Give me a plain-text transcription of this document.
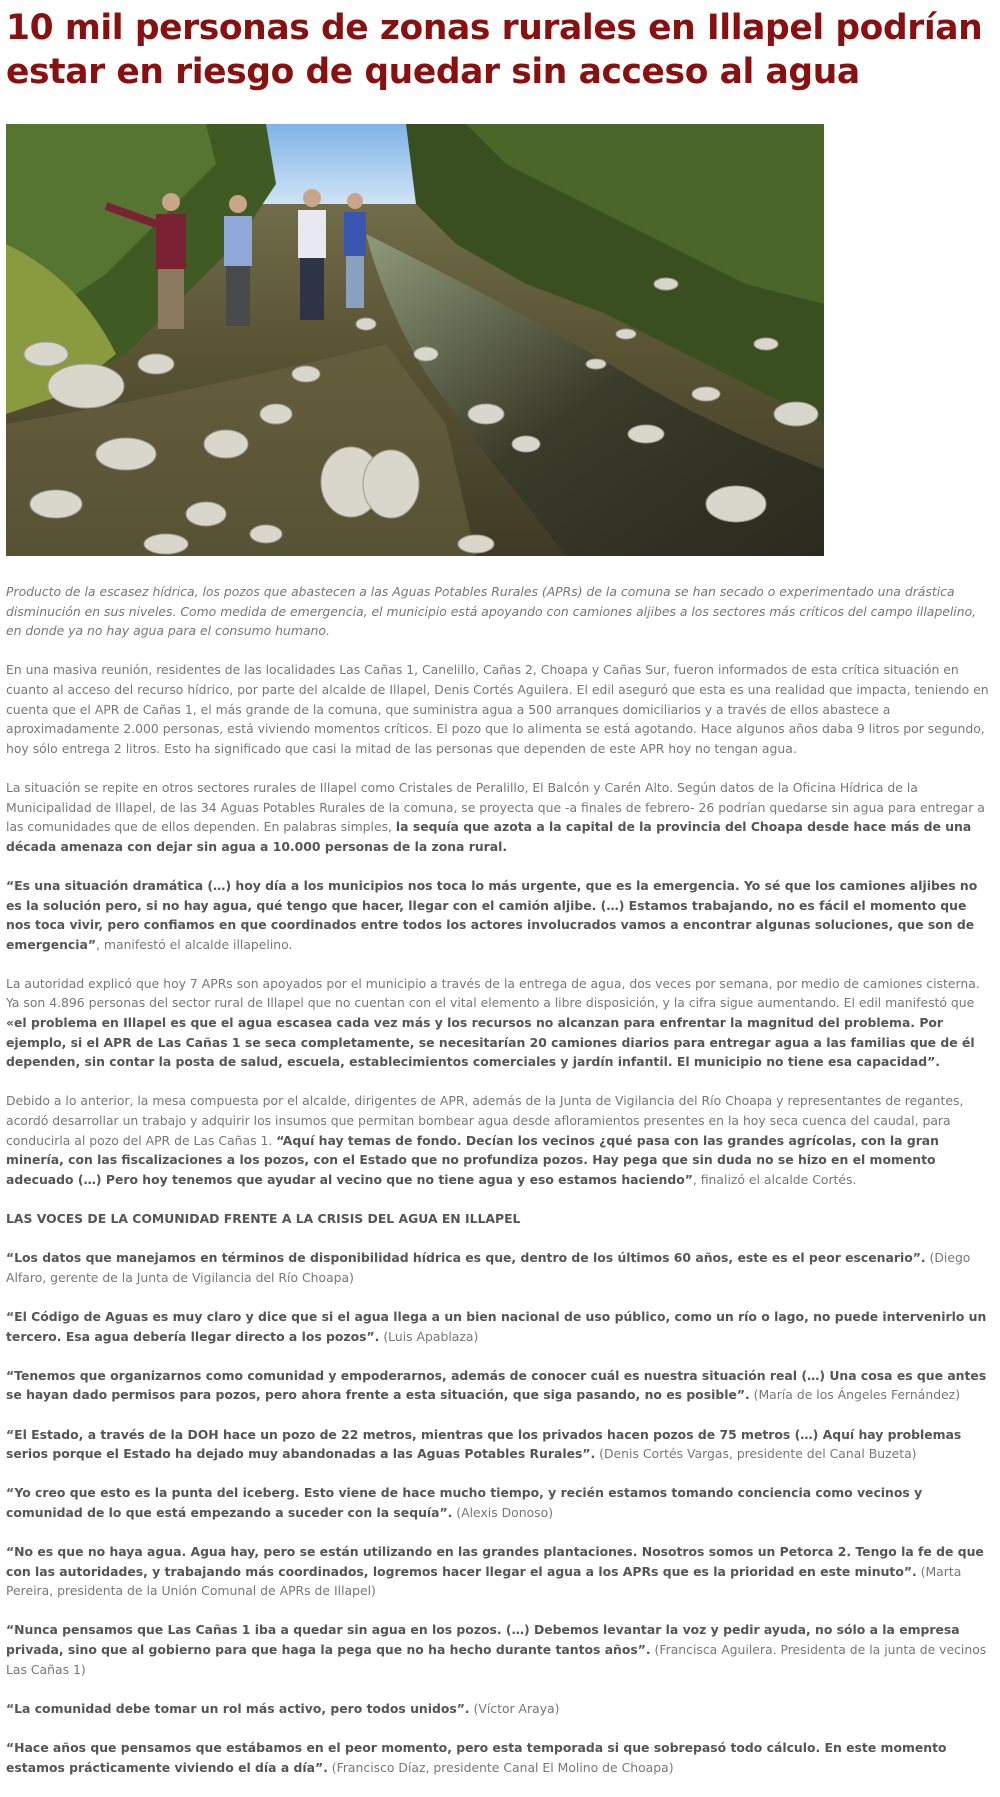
10 mil personas de zonas rurales en Illapel podrían estar en riesgo de quedar sin acceso al agua

Producto de la escasez hídrica, los pozos que abastecen a las Aguas Potables Rurales (APRs) de la comuna se han secado o experimentado una drástica disminución en sus niveles. Como medida de emergencia, el municipio está apoyando con camiones aljibes a los sectores más críticos del campo illapelino, en donde ya no hay agua para el consumo humano.

En una masiva reunión, residentes de las localidades Las Cañas 1, Canelillo, Cañas 2, Choapa y Cañas Sur, fueron informados de esta crítica situación en cuanto al acceso del recurso hídrico, por parte del alcalde de Illapel, Denis Cortés Aguilera. El edil aseguró que esta es una realidad que impacta, teniendo en cuenta que el APR de Cañas 1, el más grande de la comuna, que suministra agua a 500 arranques domiciliarios y a través de ellos abastece a aproximadamente 2.000 personas, está viviendo momentos críticos. El pozo que lo alimenta se está agotando. Hace algunos años daba 9 litros por segundo, hoy sólo entrega 2 litros. Esto ha significado que casi la mitad de las personas que dependen de este APR hoy no tengan agua.

La situación se repite en otros sectores rurales de Illapel como Cristales de Peralillo, El Balcón y Carén Alto. Según datos de la Oficina Hídrica de la Municipalidad de Illapel, de las 34 Aguas Potables Rurales de la comuna, se proyecta que -a finales de febrero- 26 podrían quedarse sin agua para entregar a las comunidades que de ellos dependen. En palabras simples, la sequía que azota a la capital de la provincia del Choapa desde hace más de una década amenaza con dejar sin agua a 10.000 personas de la zona rural.

“Es una situación dramática (…) hoy día a los municipios nos toca lo más urgente, que es la emergencia. Yo sé que los camiones aljibes no es la solución pero, si no hay agua, qué tengo que hacer, llegar con el camión aljibe. (…) Estamos trabajando, no es fácil el momento que nos toca vivir, pero confiamos en que coordinados entre todos los actores involucrados vamos a encontrar algunas soluciones, que son de emergencia”, manifestó el alcalde illapelino.

La autoridad explicó que hoy 7 APRs son apoyados por el municipio a través de la entrega de agua, dos veces por semana, por medio de camiones cisterna. Ya son 4.896 personas del sector rural de Illapel que no cuentan con el vital elemento a libre disposición, y la cifra sigue aumentando. El edil manifestó que «el problema en Illapel es que el agua escasea cada vez más y los recursos no alcanzan para enfrentar la magnitud del problema. Por ejemplo, si el APR de Las Cañas 1 se seca completamente, se necesitarían 20 camiones diarios para entregar agua a las familias que de él dependen, sin contar la posta de salud, escuela, establecimientos comerciales y jardín infantil. El municipio no tiene esa capacidad”.

Debido a lo anterior, la mesa compuesta por el alcalde, dirigentes de APR, además de la Junta de Vigilancia del Río Choapa y representantes de regantes, acordó desarrollar un trabajo y adquirir los insumos que permitan bombear agua desde afloramientos presentes en la hoy seca cuenca del caudal, para conducirla al pozo del APR de Las Cañas 1. “Aquí hay temas de fondo. Decían los vecinos ¿qué pasa con las grandes agrícolas, con la gran minería, con las fiscalizaciones a los pozos, con el Estado que no profundiza pozos. Hay pega que sin duda no se hizo en el momento adecuado (…) Pero hoy tenemos que ayudar al vecino que no tiene agua y eso estamos haciendo”, finalizó el alcalde Cortés.

LAS VOCES DE LA COMUNIDAD FRENTE A LA CRISIS DEL AGUA EN ILLAPEL

“Los datos que manejamos en términos de disponibilidad hídrica es que, dentro de los últimos 60 años, este es el peor escenario”. (Diego Alfaro, gerente de la Junta de Vigilancia del Río Choapa)

“El Código de Aguas es muy claro y dice que si el agua llega a un bien nacional de uso público, como un río o lago, no puede intervenirlo un tercero. Esa agua debería llegar directo a los pozos”. (Luis Apablaza)

“Tenemos que organizarnos como comunidad y empoderarnos, además de conocer cuál es nuestra situación real (…) Una cosa es que antes se hayan dado permisos para pozos, pero ahora frente a esta situación, que siga pasando, no es posible”. (María de los Ángeles Fernández)

“El Estado, a través de la DOH hace un pozo de 22 metros, mientras que los privados hacen pozos de 75 metros (…) Aquí hay problemas serios porque el Estado ha dejado muy abandonadas a las Aguas Potables Rurales”. (Denis Cortés Vargas, presidente del Canal Buzeta)

“Yo creo que esto es la punta del iceberg. Esto viene de hace mucho tiempo, y recién estamos tomando conciencia como vecinos y comunidad de lo que está empezando a suceder con la sequía”. (Alexis Donoso)

“No es que no haya agua. Agua hay, pero se están utilizando en las grandes plantaciones. Nosotros somos un Petorca 2. Tengo la fe de que con las autoridades, y trabajando más coordinados, logremos hacer llegar el agua a los APRs que es la prioridad en este minuto”. (Marta Pereira, presidenta de la Unión Comunal de APRs de Illapel)

“Nunca pensamos que Las Cañas 1 iba a quedar sin agua en los pozos. (…) Debemos levantar la voz y pedir ayuda, no sólo a la empresa privada, sino que al gobierno para que haga la pega que no ha hecho durante tantos años”. (Francisca Aguilera. Presidenta de la junta de vecinos Las Cañas 1)

“La comunidad debe tomar un rol más activo, pero todos unidos”. (Víctor Araya)

“Hace años que pensamos que estábamos en el peor momento, pero esta temporada si que sobrepasó todo cálculo. En este momento estamos prácticamente viviendo el día a día”. (Francisco Díaz, presidente Canal El Molino de Choapa)
